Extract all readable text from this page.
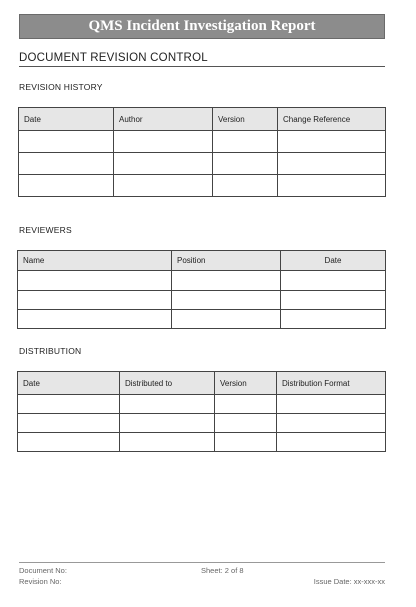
QMS Incident Investigation Report
DOCUMENT REVISION CONTROL
REVISION HISTORY
Date	Author	Version	Change Reference

REVIEWERS
Name	Position	Date

DISTRIBUTION
Date	Distributed to	Version	Distribution Format

Document No:	Sheet: 2 of 8
Revision No:	Issue Date: xx-xxx-xx
